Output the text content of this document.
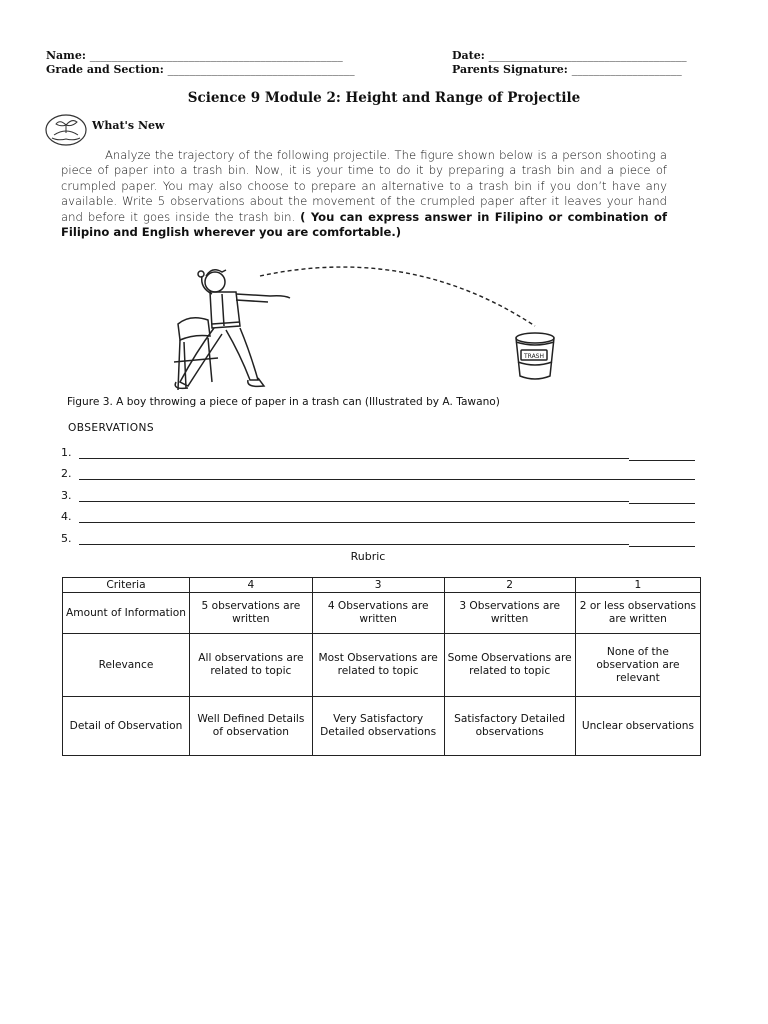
Name: ______________________________________________	Date: ____________________________________
Grade and Section: __________________________________	Parents Signature: ____________________
Science 9 Module 2: Height and Range of Projectile
What's New
Analyze the trajectory of the following projectile. The figure shown below is a person shooting a piece of paper into a trash bin. Now, it is your time to do it by preparing a trash bin and a piece of crumpled paper. You may also choose to prepare an alternative to a trash bin if you don’t have any available. Write 5 observations about the movement of the crumpled paper after it leaves your hand and before it goes inside the trash bin. ( You can express answer in Filipino or combination of Filipino and English wherever you are comfortable.)
TRASH
Figure 3. A boy throwing a piece of paper in a trash can (Illustrated by A. Tawano)
OBSERVATIONS
1.
2.
3.
4.
5.
Rubric
Criteria	4	3	2	1
Amount of Information	5 observations are written	4 Observations are written	3 Observations are written	2 or less observations are written
Relevance	All observations are related to topic	Most Observations are related to topic	Some Observations are related to topic	None of the observation are relevant
Detail of Observation	Well Defined Details of observation	Very Satisfactory Detailed observations	Satisfactory Detailed observations	Unclear observations
